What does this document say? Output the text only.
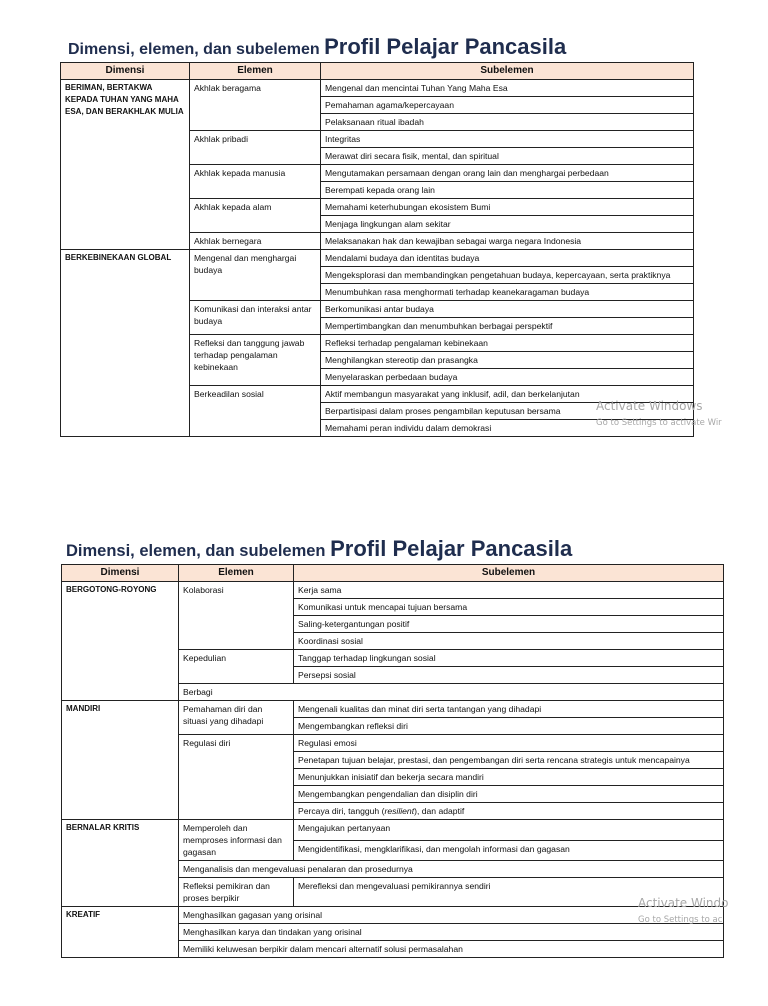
Dimensi, elemen, dan subelemen Profil Pelajar Pancasila
Dimensi	Elemen	Subelemen
BERIMAN, BERTAKWA KEPADA TUHAN YANG MAHA ESA, DAN BERAKHLAK MULIA	Akhlak beragama	Mengenal dan mencintai Tuhan Yang Maha Esa
		Pemahaman agama/kepercayaan
		Pelaksanaan ritual ibadah
	Akhlak pribadi	Integritas
		Merawat diri secara fisik, mental, dan spiritual
	Akhlak kepada manusia	Mengutamakan persamaan dengan orang lain dan menghargai perbedaan
		Berempati kepada orang lain
	Akhlak kepada alam	Memahami keterhubungan ekosistem Bumi
		Menjaga lingkungan alam sekitar
	Akhlak bernegara	Melaksanakan hak dan kewajiban sebagai warga negara Indonesia
BERKEBINEKAAN GLOBAL	Mengenal dan menghargai budaya	Mendalami budaya dan identitas budaya
		Mengeksplorasi dan membandingkan pengetahuan budaya, kepercayaan, serta praktiknya
		Menumbuhkan rasa menghormati terhadap keanekaragaman budaya
	Komunikasi dan interaksi antar budaya	Berkomunikasi antar budaya
		Mempertimbangkan dan menumbuhkan berbagai perspektif
	Refleksi dan tanggung jawab terhadap pengalaman kebinekaan	Refleksi terhadap pengalaman kebinekaan
		Menghilangkan stereotip dan prasangka
		Menyelaraskan perbedaan budaya
	Berkeadilan sosial	Aktif membangun masyarakat yang inklusif, adil, dan berkelanjutan
		Berpartisipasi dalam proses pengambilan keputusan bersama
		Memahami peran individu dalam demokrasi
Activate Windows
Go to Settings to activate Wir
Dimensi, elemen, dan subelemen Profil Pelajar Pancasila
Dimensi	Elemen	Subelemen
BERGOTONG-ROYONG	Kolaborasi	Kerja sama
		Komunikasi untuk mencapai tujuan bersama
		Saling-ketergantungan positif
		Koordinasi sosial
	Kepedulian	Tanggap terhadap lingkungan sosial
		Persepsi sosial
	Berbagi	
MANDIRI	Pemahaman diri dan situasi yang dihadapi	Mengenali kualitas dan minat diri serta tantangan yang dihadapi
		Mengembangkan refleksi diri
	Regulasi diri	Regulasi emosi
		Penetapan tujuan belajar, prestasi, dan pengembangan diri serta rencana strategis untuk mencapainya
		Menunjukkan inisiatif dan bekerja secara mandiri
		Mengembangkan pengendalian dan disiplin diri
		Percaya diri, tangguh (resilient), dan adaptif
BERNALAR KRITIS	Memperoleh dan memproses informasi dan gagasan	Mengajukan pertanyaan
		Mengidentifikasi, mengklarifikasi, dan mengolah informasi dan gagasan
	Menganalisis dan mengevaluasi penalaran dan prosedurnya	
	Refleksi pemikiran dan proses berpikir	Merefleksi dan mengevaluasi pemikirannya sendiri
KREATIF	Menghasilkan gagasan yang orisinal	
	Menghasilkan karya dan tindakan yang orisinal	
	Memiliki keluwesan berpikir dalam mencari alternatif solusi permasalahan	
Activate Windo
Go to Settings to ac
